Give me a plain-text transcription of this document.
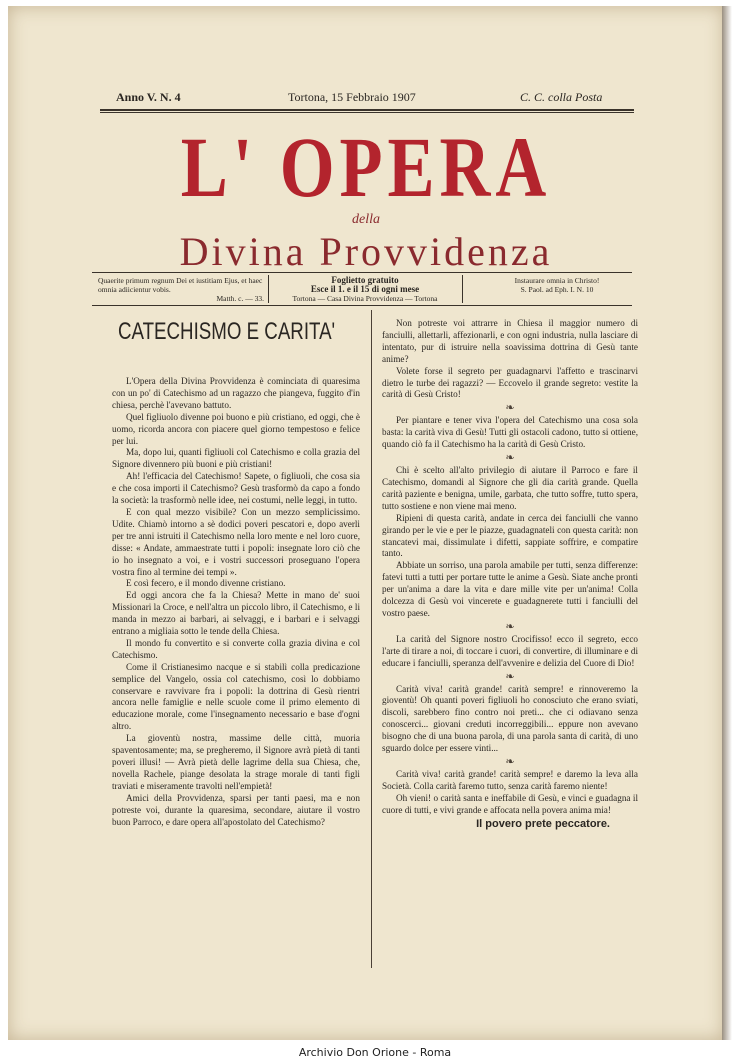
Anno V. N. 4	Tortona, 15 Febbraio 1907	C. C. colla Posta
L' OPERA
della
Divina Provvidenza
Quaerite primum regnum Dei et iustitiam Ejus, et haec omnia adiicientur vobis.
Matth. c. — 33.
Foglietto gratuito
Esce il 1. e il 15 di ogni mese
Tortona — Casa Divina Provvidenza — Tortona
Instaurare omnia in Christo!
S. Paol. ad Eph. I. N. 10
CATECHISMO E CARITA'

L'Opera della Divina Provvidenza è cominciata di quaresima con un po' di Catechismo ad un ragazzo che piangeva, fuggito d'in chiesa, perchè l'avevano battuto.

Quel figliuolo divenne poi buono e più cristiano, ed oggi, che è uomo, ricorda ancora con piacere quel giorno tempestoso e felice per lui.

Ma, dopo lui, quanti figliuoli col Catechismo e colla grazia del Signore divennero più buoni e più cristiani!

Ah! l'efficacia del Catechismo! Sapete, o figliuoli, che cosa sia e che cosa importi il Catechismo? Gesù trasformò da capo a fondo la società: la trasformò nelle idee, nei costumi, nelle leggi, in tutto.

E con qual mezzo visibile? Con un mezzo semplicissimo. Udite. Chiamò intorno a sè dodici poveri pescatori e, dopo averli per tre anni istruiti il Catechismo nella loro mente e nel loro cuore, disse: « Andate, ammaestrate tutti i popoli: insegnate loro ciò che io ho insegnato a voi, e i vostri successori proseguano l'opera vostra fino al termine dei tempi ».

E così fecero, e il mondo divenne cristiano.

Ed oggi ancora che fa la Chiesa? Mette in mano de' suoi Missionari la Croce, e nell'altra un piccolo libro, il Catechismo, e li manda in mezzo ai barbari, ai selvaggi, e i barbari e i selvaggi entrano a migliaia sotto le tende della Chiesa.

Il mondo fu convertito e si converte colla grazia divina e col Catechismo.

Come il Cristianesimo nacque e si stabilì colla predicazione semplice del Vangelo, ossia col catechismo, così lo dobbiamo conservare e ravvivare fra i popoli: la dottrina di Gesù rientri ancora nelle famiglie e nelle scuole come il primo elemento di educazione morale, come l'insegnamento necessario e base d'ogni altro.

La gioventù nostra, massime delle città, muoria spaventosamente; ma, se pregheremo, il Signore avrà pietà di tanti poveri illusi! — Avrà pietà delle lagrime della sua Chiesa, che, novella Rachele, piange desolata la strage morale di tanti figli traviati e miseramente travolti nell'empietà!

Amici della Provvidenza, sparsi per tanti paesi, ma e non potreste voi, durante la quaresima, secondare, aiutare il vostro buon Parroco, e dare opera all'apostolato del Catechismo?

Non potreste voi attrarre in Chiesa il maggior numero di fanciulli, allettarli, affezionarli, e con ogni industria, nulla lasciare di intentato, pur di istruire nella soavissima dottrina di Gesù tante anime?

Volete forse il segreto per guadagnarvi l'affetto e trascinarvi dietro le turbe dei ragazzi? — Eccovelo il grande segreto: vestite la carità di Gesù Cristo!

❧

Per piantare e tener viva l'opera del Catechismo una cosa sola basta: la carità viva di Gesù! Tutti gli ostacoli cadono, tutto si ottiene, quando ciò fa il Catechismo ha la carità di Gesù Cristo.

❧

Chi è scelto all'alto privilegio di aiutare il Parroco e fare il Catechismo, domandi al Signore che gli dia carità grande. Quella carità paziente e benigna, umile, garbata, che tutto soffre, tutto spera, tutto sostiene e non viene mai meno.

Ripieni di questa carità, andate in cerca dei fanciulli che vanno girando per le vie e per le piazze, guadagnateli con questa carità: non stancatevi mai, dissimulate i difetti, sappiate soffrire, e compatire tanto.

Abbiate un sorriso, una parola amabile per tutti, senza differenze: fatevi tutti a tutti per portare tutte le anime a Gesù. Siate anche pronti per un'anima a dare la vita e dare mille vite per un'anima! Colla dolcezza di Gesù voi vincerete e guadagnerete tutti i fanciulli del vostro paese.

❧

La carità del Signore nostro Crocifisso! ecco il segreto, ecco l'arte di tirare a noi, di toccare i cuori, di convertire, di illuminare e di educare i fanciulli, speranza dell'avvenire e delizia del Cuore di Dio!

❧

Carità viva! carità grande! carità sempre! e rinnoveremo la gioventù! Oh quanti poveri figliuoli ho conosciuto che erano sviati, discoli, sarebbero fino contro noi preti... che ci odiavano senza conoscerci... giovani creduti incorreggibili... eppure non avevano bisogno che di una buona parola, di una parola santa di carità, di uno sguardo dolce per essere vinti...

❧

Carità viva! carità grande! carità sempre! e daremo la leva alla Società. Colla carità faremo tutto, senza carità faremo niente!

Oh vieni! o carità santa e ineffabile di Gesù, e vinci e guadagna il cuore di tutti, e vivi grande e affocata nella povera anima mia!

Il povero prete peccatore.
Archivio Don Orione - Roma
